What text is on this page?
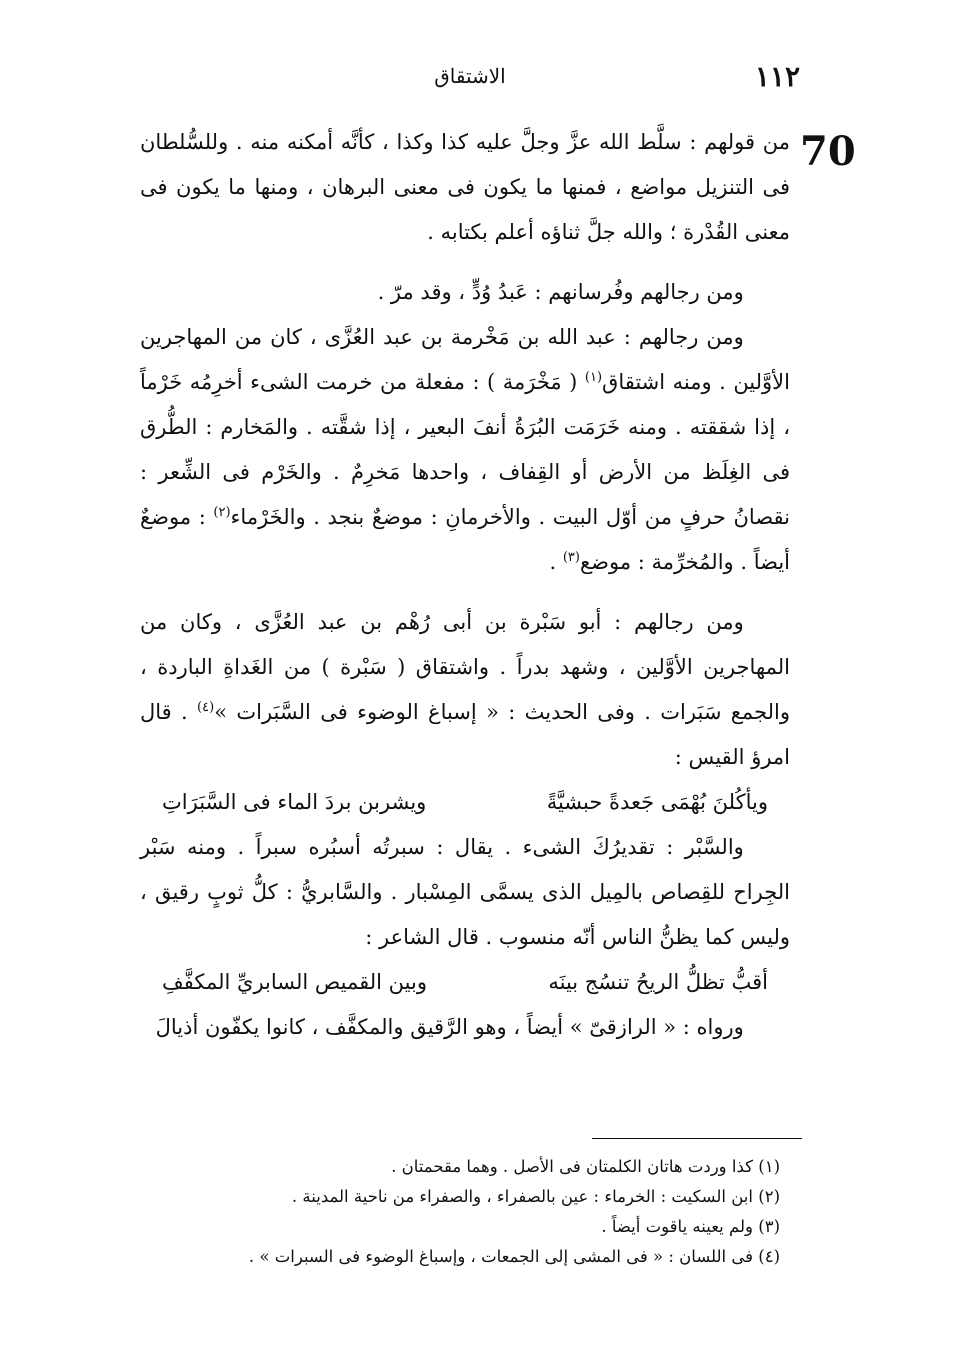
١١٢
الاشتقاق
70

من قولهم : سلَّط الله عزَّ وجلَّ عليه كذا وكذا ، كأنَّه أمكنه منه . وللسُّلطان فى التنزيل مواضع ، فمنها ما يكون فى معنى البرهان ، ومنها ما يكون فى معنى القُدْرة ؛ والله جلَّ ثناؤه أعلم بكتابه .

ومن رجالهم وفُرسانهم : عَبدُ وُدٍّ ، وقد مرّ .

ومن رجالهم : عبد الله بن مَخْرمة بن عبد العُزَّى ، كان من المهاجرين الأوَّلين . ومنه اشتقاق$^{(١)}$ ( مَخْرَمة ) : مفعلة من خرمت الشىء أخرِمُه خَرْماً ، إذا شققته . ومنه خَرَمَت البُرَةُ أنفَ البعير ، إذا شقَّته . والمَخارم : الطُّرق فى الغِلَظ من الأرض أو القِفاف ، واحدها مَخرِمٌ . والخَرْم فى الشِّعر : نقصانُ حرفٍ من أوّل البيت . والأخرمانِ : موضعٌ بنجد . والخَرْماء$^{(٢)}$ : موضعٌ أيضاً . والمُخرِّمة : موضع$^{(٣)}$ .

ومن رجالهم : أبو سَبْرة بن أبى رُهْم بن عبد العُزَّى ، وكان من المهاجرين الأوَّلين ، وشهد بدراً . واشتقاق ( سَبْرة ) من الغَداةِ الباردة ، والجمع سَبَرات . وفى الحديث : « إسباغ الوضوء فى السَّبَرات »$^{(٤)}$ . قال امرؤ القيس :

ويأكُلنَ بُهْمَى جَعدةً حبشيَّةً
ويشربن بردَ الماء فى السَّبَرَاتِ

والسَّبْر : تقديرُكَ الشىء . يقال : سبرتُه أسبُره سبراً . ومنه سَبْر الجِراح للقِصاص بالمِيل الذى يسمَّى المِسْبار . والسَّابريُّ : كلُّ ثوبٍ رقيق ، وليس كما يظنُّ الناس أنّه منسوب . قال الشاعر :

أقبُّ تظلُّ الريحُ تنسُج بينَه
وبين القميص السابريِّ المكفَّفِ

ورواه : « الرازقىّ » أيضاً ، وهو الرَّقيق والمكفَّف ، كانوا يكفّون أذيالَ

(١) كذا وردت هاتان الكلمتان فى الأصل . وهما مقحمتان .
(٢) ابن السكيت : الخرماء : عين بالصفراء ، والصفراء من ناحية المدينة .
(٣) ولم يعينه ياقوت أيضاً .
(٤) فى اللسان : « فى المشى إلى الجمعات ، وإسباغ الوضوء فى السبرات » .
